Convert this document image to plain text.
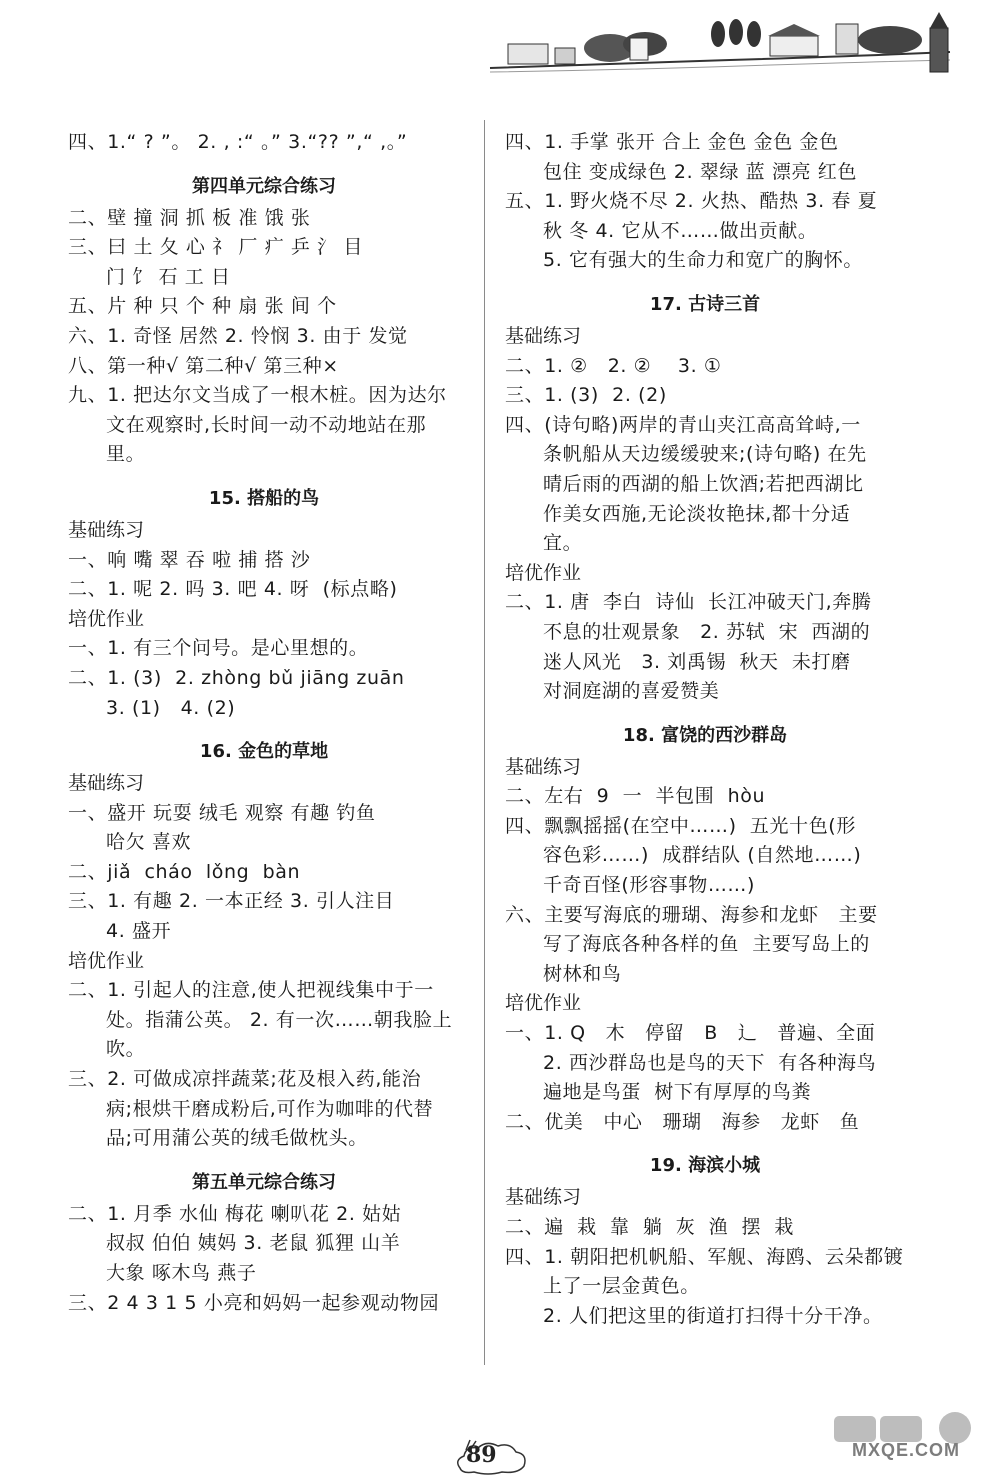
四、1.“ ? ”。 2. , :“ 。” 3.“?? ”,“ ,。”
第四单元综合练习
二、壁 撞 洞 抓 板 准 饿 张
三、曰 土 夂 心 礻 厂 疒 乒 氵 目
门 饣 石 工 日
五、片 种 只 个 种 扇 张 间 个
六、1. 奇怪 居然 2. 怜悯 3. 由于 发觉
八、第一种√ 第二种√ 第三种×
九、1. 把达尔文当成了一根木桩。因为达尔
文在观察时,长时间一动不动地站在那
里。
15. 搭船的鸟
基础练习
一、响 嘴 翠 吞 啦 捕 搭 沙
二、1. 呢 2. 吗 3. 吧 4. 呀  (标点略)
培优作业
一、1. 有三个问号。是心里想的。
二、1. (3)  2. zhòng bǔ jiāng zuān
3. (1)   4. (2)
16. 金色的草地
基础练习
一、盛开 玩耍 绒毛 观察 有趣 钓鱼
哈欠 喜欢
二、jiǎ  cháo  lǒng  bàn
三、1. 有趣 2. 一本正经 3. 引人注目
4. 盛开
培优作业
二、1. 引起人的注意,使人把视线集中于一
处。指蒲公英。 2. 有一次……朝我脸上
吹。
三、2. 可做成凉拌蔬菜;花及根入药,能治
病;根烘干磨成粉后,可作为咖啡的代替
品;可用蒲公英的绒毛做枕头。
第五单元综合练习
二、1. 月季 水仙 梅花 喇叭花 2. 姑姑
叔叔 伯伯 姨妈 3. 老鼠 狐狸 山羊
大象 啄木鸟 燕子
三、2 4 3 1 5 小亮和妈妈一起参观动物园
四、1. 手掌 张开 合上 金色 金色 金色
包住 变成绿色 2. 翠绿 蓝 漂亮 红色
五、1. 野火烧不尽 2. 火热、酷热 3. 春 夏
秋 冬 4. 它从不……做出贡献。
5. 它有强大的生命力和宽广的胸怀。
17. 古诗三首
基础练习
二、1. ②   2. ②    3. ①
三、1. (3)  2. (2)
四、(诗句略)两岸的青山夹江高高耸峙,一
条帆船从天边缓缓驶来;(诗句略) 在先
晴后雨的西湖的船上饮酒;若把西湖比
作美女西施,无论淡妆艳抹,都十分适
宜。
培优作业
二、1. 唐  李白  诗仙  长江冲破天门,奔腾
不息的壮观景象   2. 苏轼  宋  西湖的
迷人风光   3. 刘禹锡  秋天  未打磨
对洞庭湖的喜爱赞美
18. 富饶的西沙群岛
基础练习
二、左右  9  一  半包围  hòu
四、飘飘摇摇(在空中……)  五光十色(形
容色彩……)  成群结队 (自然地……)
千奇百怪(形容事物……)
六、主要写海底的珊瑚、海参和龙虾   主要
写了海底各种各样的鱼  主要写岛上的
树林和鸟
培优作业
一、1. Q   木   停留   B   辶   普遍、全面
2. 西沙群岛也是鸟的天下  有各种海鸟
遍地是鸟蛋  树下有厚厚的鸟粪
二、优美   中心   珊瑚   海参   龙虾   鱼
19. 海滨小城
基础练习
二、遍  栽  靠  躺  灰  渔  摆  栽
四、1. 朝阳把机帆船、军舰、海鸥、云朵都镀
上了一层金黄色。
2. 人们把这里的街道打扫得十分干净。
89	MXQE.COM
